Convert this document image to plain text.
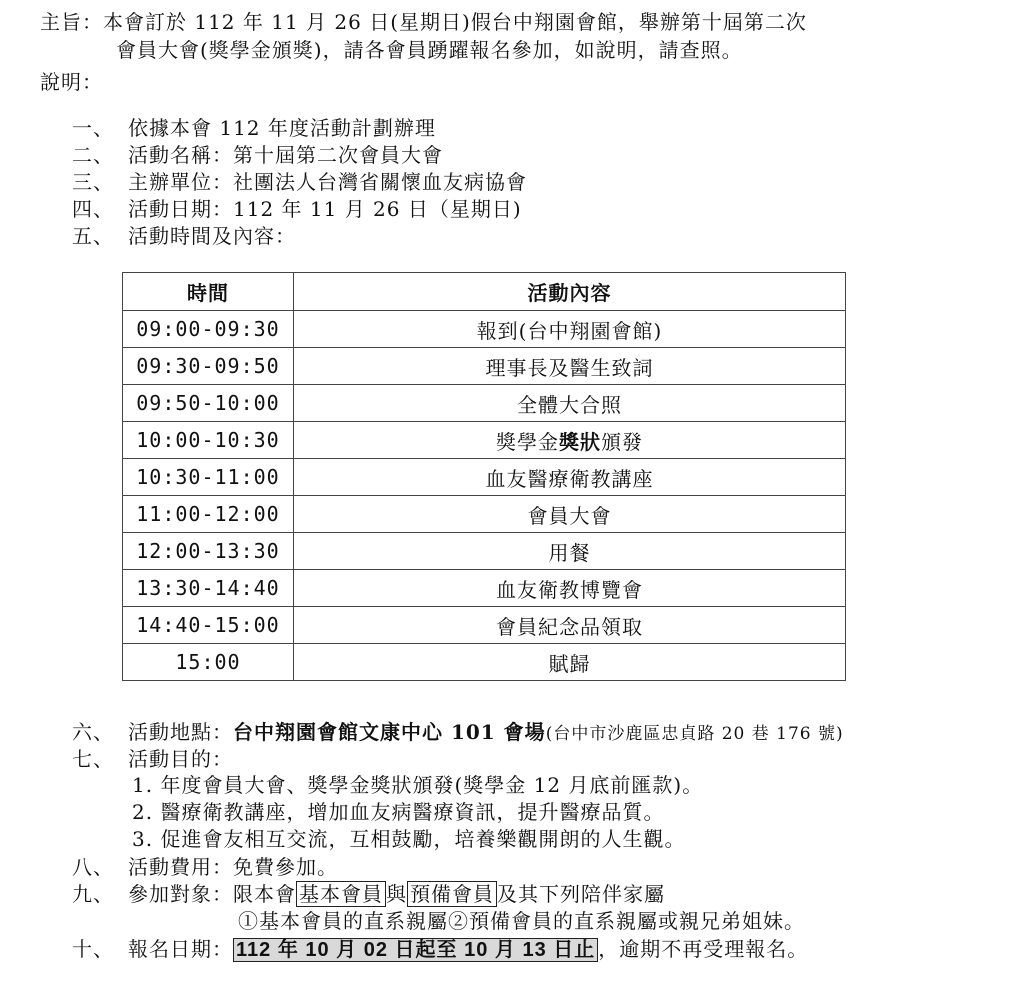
主旨：本會訂於 112 年 11 月 26 日(星期日)假台中翔園會館，舉辦第十屆第二次
會員大會(獎學金頒獎)，請各會員踴躍報名參加，如說明，請查照。
說明：
一、 依據本會 112 年度活動計劃辦理
二、 活動名稱：第十屆第二次會員大會
三、 主辦單位：社團法人台灣省關懷血友病協會
四、 活動日期：112 年 11 月 26 日（星期日)
五、 活動時間及內容：
時間	活動內容
09:00-09:30	報到(台中翔園會館)
09:30-09:50	理事長及醫生致詞
09:50-10:00	全體大合照
10:00-10:30	獎學金獎狀頒發
10:30-11:00	血友醫療衛教講座
11:00-12:00	會員大會
12:00-13:30	用餐
13:30-14:40	血友衛教博覽會
14:40-15:00	會員紀念品領取
15:00	賦歸
六、 活動地點：台中翔園會館文康中心 101 會場(台中市沙鹿區忠貞路 20 巷 176 號)
七、 活動目的：
1. 年度會員大會、獎學金獎狀頒發(獎學金 12 月底前匯款)。
2. 醫療衛教講座，增加血友病醫療資訊，提升醫療品質。
3. 促進會友相互交流，互相鼓勵，培養樂觀開朗的人生觀。
八、 活動費用：免費參加。
九、 參加對象：限本會 基本會員 與 預備會員 及其下列陪伴家屬
①基本會員的直系親屬②預備會員的直系親屬或親兄弟姐妹。
十、 報名日期： 112 年 10 月 02 日起至 10 月 13 日止 ，逾期不再受理報名。
